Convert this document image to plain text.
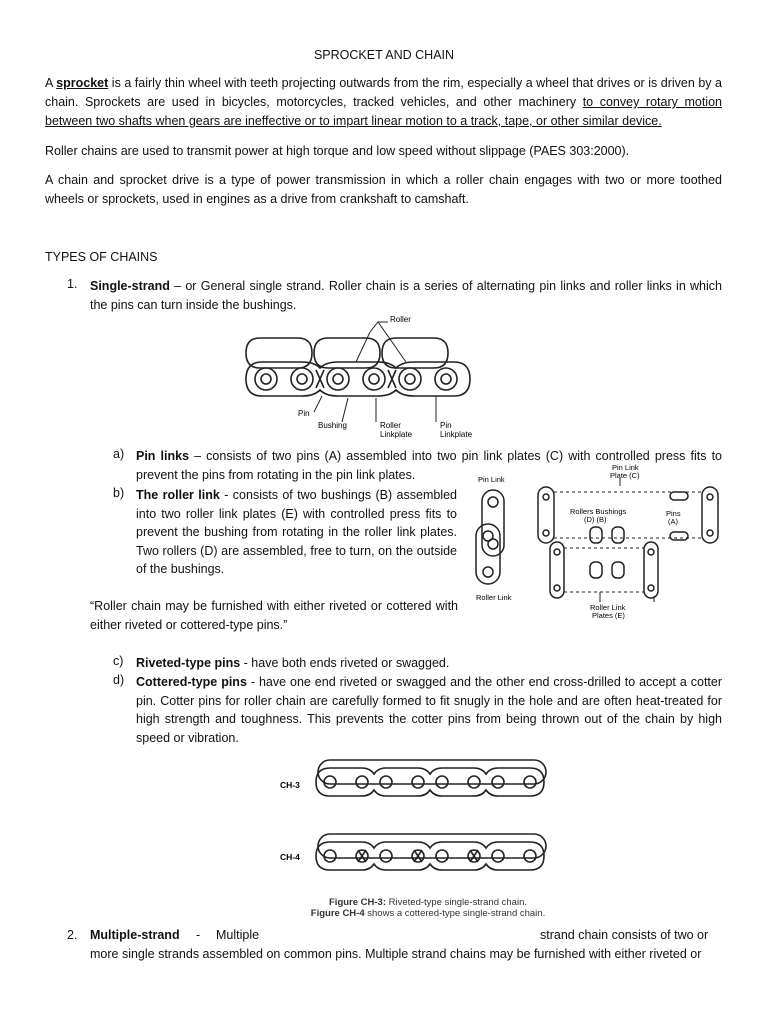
SPROCKET AND CHAIN
A sprocket is a fairly thin wheel with teeth projecting outwards from the rim, especially a wheel that drives or is driven by a chain. Sprockets are used in bicycles, motorcycles, tracked vehicles, and other machinery to convey rotary motion between two shafts when gears are ineffective or to impart linear motion to a track, tape, or other similar device.
Roller chains are used to transmit power at high torque and low speed without slippage (PAES 303:2000).
A chain and sprocket drive is a type of power transmission in which a roller chain engages with two or more toothed wheels or sprockets, used in engines as a drive from crankshaft to camshaft.
TYPES OF CHAINS
1. Single-strand – or General single strand. Roller chain is a series of alternating pin links and roller links in which the pins can turn inside the bushings.
Roller
Pin
Bushing	Roller
Linkplate
Pin
Linkplate
a) Pin links – consists of two pins (A) assembled into two pin link plates (C) with controlled press fits to prevent the pins from rotating in the pin link plates.
b) The roller link - consists of two bushings (B) assembled into two roller link plates (E) with controlled press fits to prevent the bushing from rotating in the roller link plates. Two rollers (D) are assembled, free to turn, on the outside of the bushings.
Pin Link
Pin Link
Plate (C)
Rollers Bushings
(D) (B)
Pins
(A)
Roller Link
Roller Link
Plates (E)
“Roller chain may be furnished with either riveted or cottered with either riveted or cottered-type pins.”
c) Riveted-type pins - have both ends riveted or swagged.
d) Cottered-type pins - have one end riveted or swagged and the other end cross-drilled to accept a cotter pin. Cotter pins for roller chain are carefully formed to fit snugly in the hole and are often heat-treated for high strength and toughness. This prevents the cotter pins from being thrown out of the chain by high speed or vibration.
CH-3
CH-4
Figure CH-3: Riveted-type single-strand chain.
Figure CH-4 shows a cottered-type single-strand chain.
2. Multiple-strand - Multiple	strand chain consists of two or
more single strands assembled on common pins. Multiple strand chains may be furnished with either riveted or
